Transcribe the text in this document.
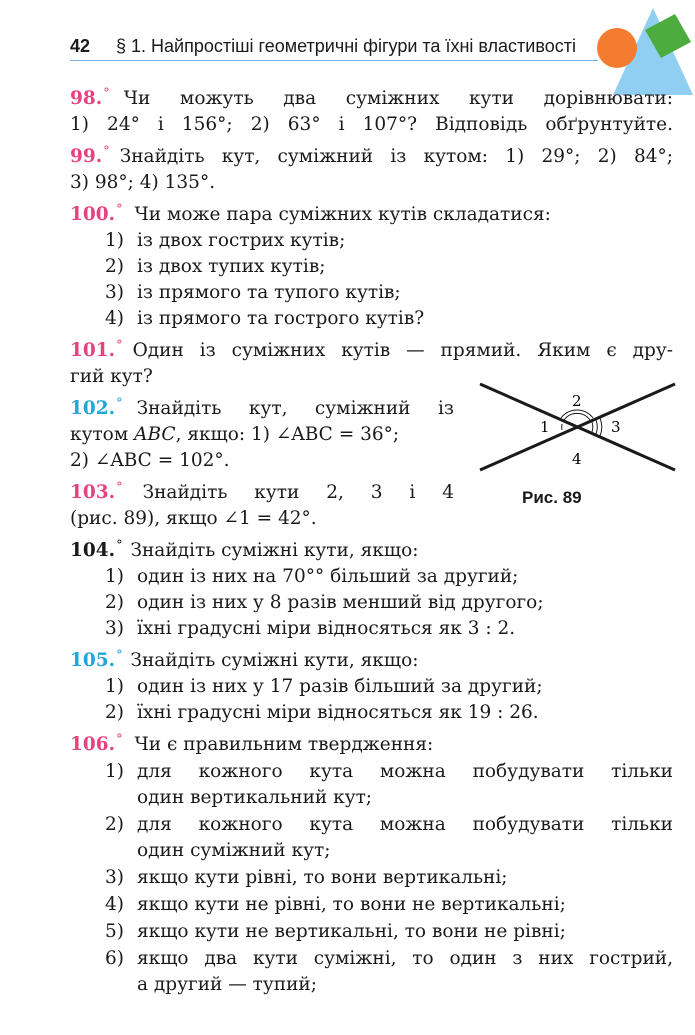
42 § 1. Найпростіші геометричні фігури та їхні властивості
98.° Чи можуть два суміжних кути дорівнювати:
1) 24° і 156°; 2) 63° і 107°? Відповідь обґрунтуйте.
99.° Знайдіть кут, суміжний із кутом: 1) 29°; 2) 84°;
3) 98°; 4) 135°.
100.° Чи може пара суміжних кутів складатися:
1) із двох гострих кутів;
2) із двох тупих кутів;
3) із прямого та тупого кутів;
4) із прямого та гострого кутів?
101.° Один із суміжних кутів — прямий. Яким є дру-
гий кут?
102.° Знайдіть кут, суміжний із
кутом ABC, якщо: 1) ∠ABC = 36°;
2) ∠ABC = 102°.
103.° Знайдіть кути 2, 3 і 4
(рис. 89), якщо ∠1 = 42°.
104.° Знайдіть суміжні кути, якщо:
1) один із них на 70°° більший за другий;
2) один із них у 8 разів менший від другого;
3) їхні градусні міри відносяться як 3 : 2.
105.° Знайдіть суміжні кути, якщо:
1) один із них у 17 разів більший за другий;
2) їхні градусні міри відносяться як 19 : 26.
106.° Чи є правильним твердження:
1) для кожного кута можна побудувати тільки
один вертикальний кут;
2) для кожного кута можна побудувати тільки
один суміжний кут;
3) якщо кути рівні, то вони вертикальні;
4) якщо кути не рівні, то вони не вертикальні;
5) якщо кути не вертикальні, то вони не рівні;
6) якщо два кути суміжні, то один з них гострий,
а другий — тупий;
1
2
3
4
Рис. 89
